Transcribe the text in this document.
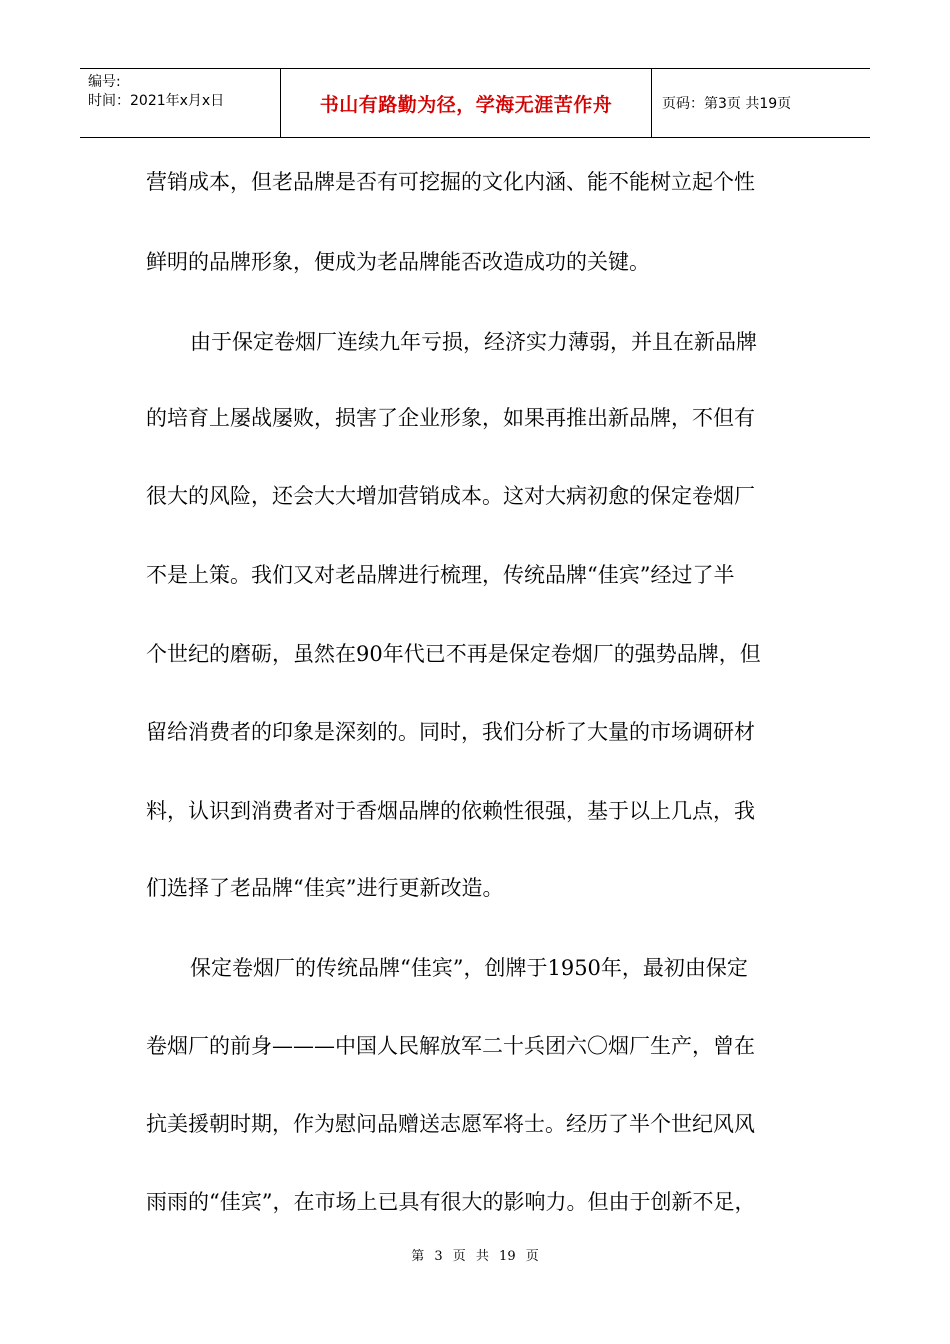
编号:
时间：2021年x月x日	书山有路勤为径，学海无涯苦作舟	页码：第3页 共19页
营销成本，但老品牌是否有可挖掘的文化内涵、能不能树立起个性
鲜明的品牌形象，便成为老品牌能否改造成功的关键。
由于保定卷烟厂连续九年亏损，经济实力薄弱，并且在新品牌
的培育上屡战屡败，损害了企业形象，如果再推出新品牌，不但有
很大的风险，还会大大增加营销成本。这对大病初愈的保定卷烟厂
不是上策。我们又对老品牌进行梳理，传统品牌“佳宾”经过了半
个世纪的磨砺，虽然在90年代已不再是保定卷烟厂的强势品牌，但
留给消费者的印象是深刻的。同时，我们分析了大量的市场调研材
料，认识到消费者对于香烟品牌的依赖性很强，基于以上几点，我
们选择了老品牌“佳宾”进行更新改造。
保定卷烟厂的传统品牌“佳宾”，创牌于1950年，最初由保定
卷烟厂的前身———中国人民解放军二十兵团六〇烟厂生产，曾在
抗美援朝时期，作为慰问品赠送志愿军将士。经历了半个世纪风风
雨雨的“佳宾”，在市场上已具有很大的影响力。但由于创新不足，
第 3 页 共 19 页
